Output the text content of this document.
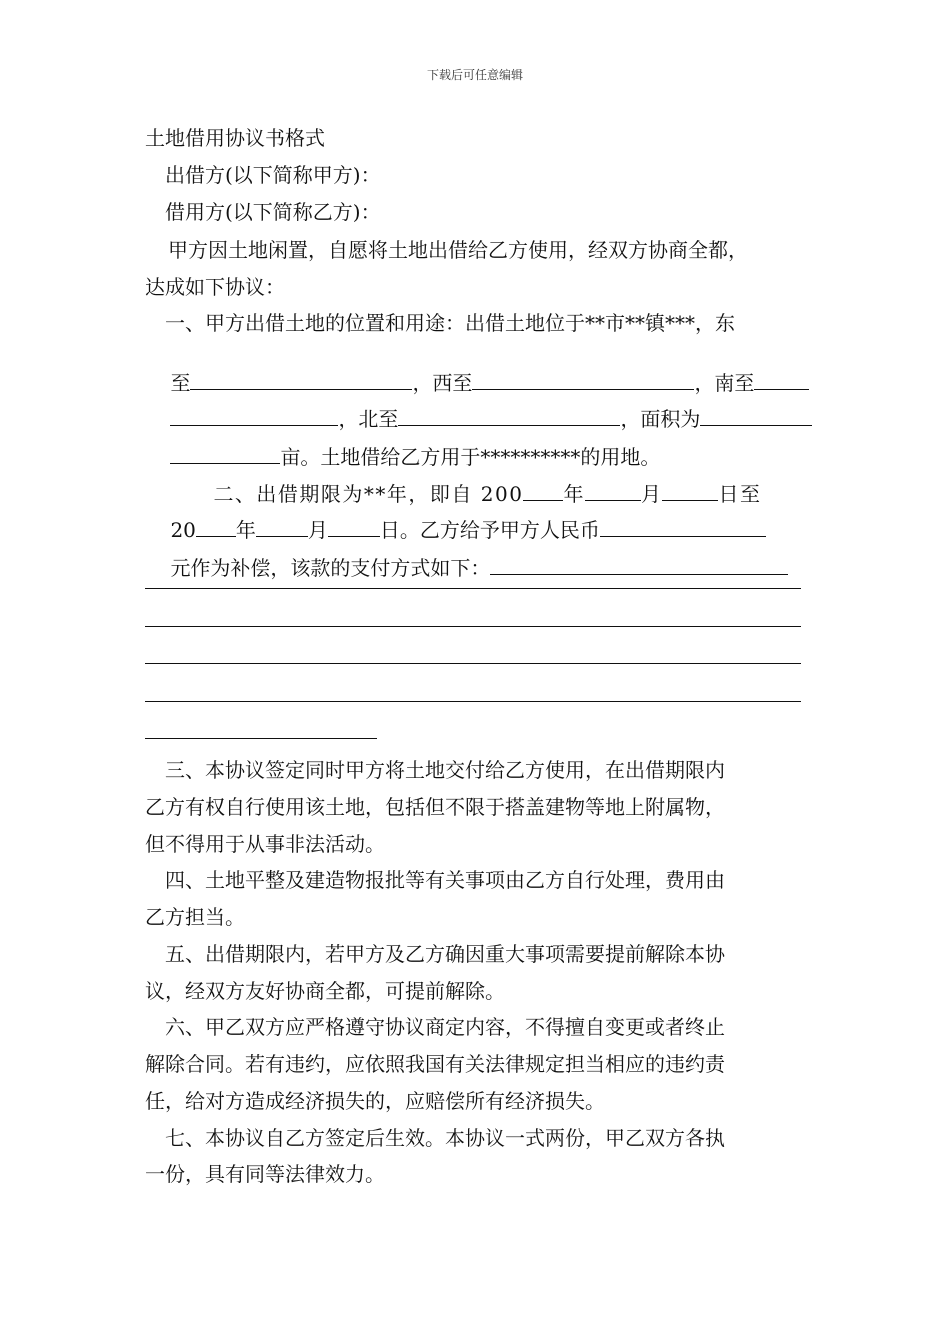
下载后可任意编辑
土地借用协议书格式
出借方(以下简称甲方)：
借用方(以下简称乙方)：
甲方因土地闲置，自愿将土地出借给乙方使用，经双方协商全都，
达成如下协议：
一、甲方出借土地的位置和用途：出借土地位于**市**镇***，东

至	，西至	，南至

，北至	，面积为

亩。土地借给乙方用于**********的用地。

二、出借期限为**年，即自 200 年	月	日至

20 年	月	日。乙方给予甲方人民币

元作为补偿，该款的支付方式如下：

三、本协议签定同时甲方将土地交付给乙方使用，在出借期限内
乙方有权自行使用该土地，包括但不限于搭盖建物等地上附属物，
但不得用于从事非法活动。
四、土地平整及建造物报批等有关事项由乙方自行处理，费用由
乙方担当。
五、出借期限内，若甲方及乙方确因重大事项需要提前解除本协
议，经双方友好协商全都，可提前解除。
六、甲乙双方应严格遵守协议商定内容，不得擅自变更或者终止
解除合同。若有违约，应依照我国有关法律规定担当相应的违约责
任，给对方造成经济损失的，应赔偿所有经济损失。
七、本协议自乙方签定后生效。本协议一式两份，甲乙双方各执
一份，具有同等法律效力。
